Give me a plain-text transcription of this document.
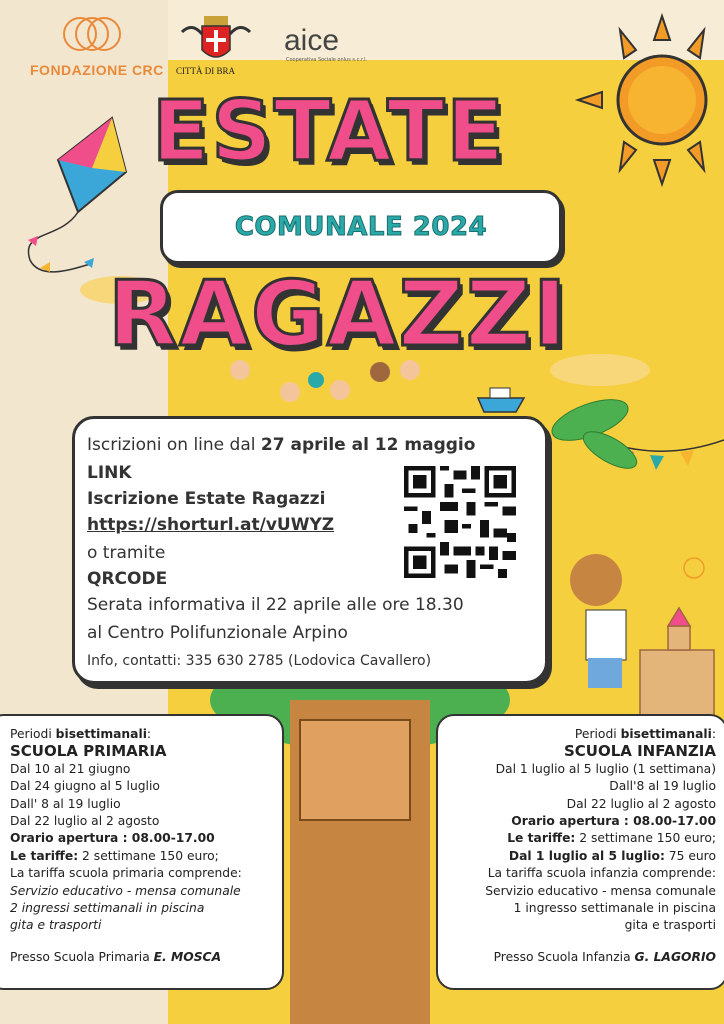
FONDAZIONE CRC CITTÀ DI BRA
aice
Cooperativa Sociale onlus s.c.r.l.
ESTATE
COMUNALE 2024
RAGAZZI
Iscrizioni on line dal 27 aprile al 12 maggio
LINK
Iscrizione Estate Ragazzi
https://shorturl.at/vUWYZ
o tramite
QRCODE
Serata informativa il 22 aprile alle ore 18.30
al Centro Polifunzionale Arpino
Info, contatti: 335 630 2785 (Lodovica Cavallero)
Periodi bisettimanali:
SCUOLA PRIMARIA
Dal 10 al 21 giugno
Dal 24 giugno al 5 luglio
Dall' 8 al 19 luglio
Dal 22 luglio al 2 agosto
Orario apertura : 08.00-17.00
Le tariffe: 2 settimane 150 euro;
La tariffa scuola primaria comprende:
Servizio educativo - mensa comunale
2 ingressi settimanali in piscina
gita e trasporti
Presso Scuola Primaria E. MOSCA
Periodi bisettimanali:
SCUOLA INFANZIA
Dal 1 luglio al 5 luglio (1 settimana)
Dall'8 al 19 luglio
Dal 22 luglio al 2 agosto
Orario apertura : 08.00-17.00
Le tariffe: 2 settimane 150 euro;
Dal 1 luglio al 5 luglio: 75 euro
La tariffa scuola infanzia comprende:
Servizio educativo - mensa comunale
1 ingresso settimanale in piscina
gita e trasporti
Presso Scuola Infanzia G. LAGORIO
